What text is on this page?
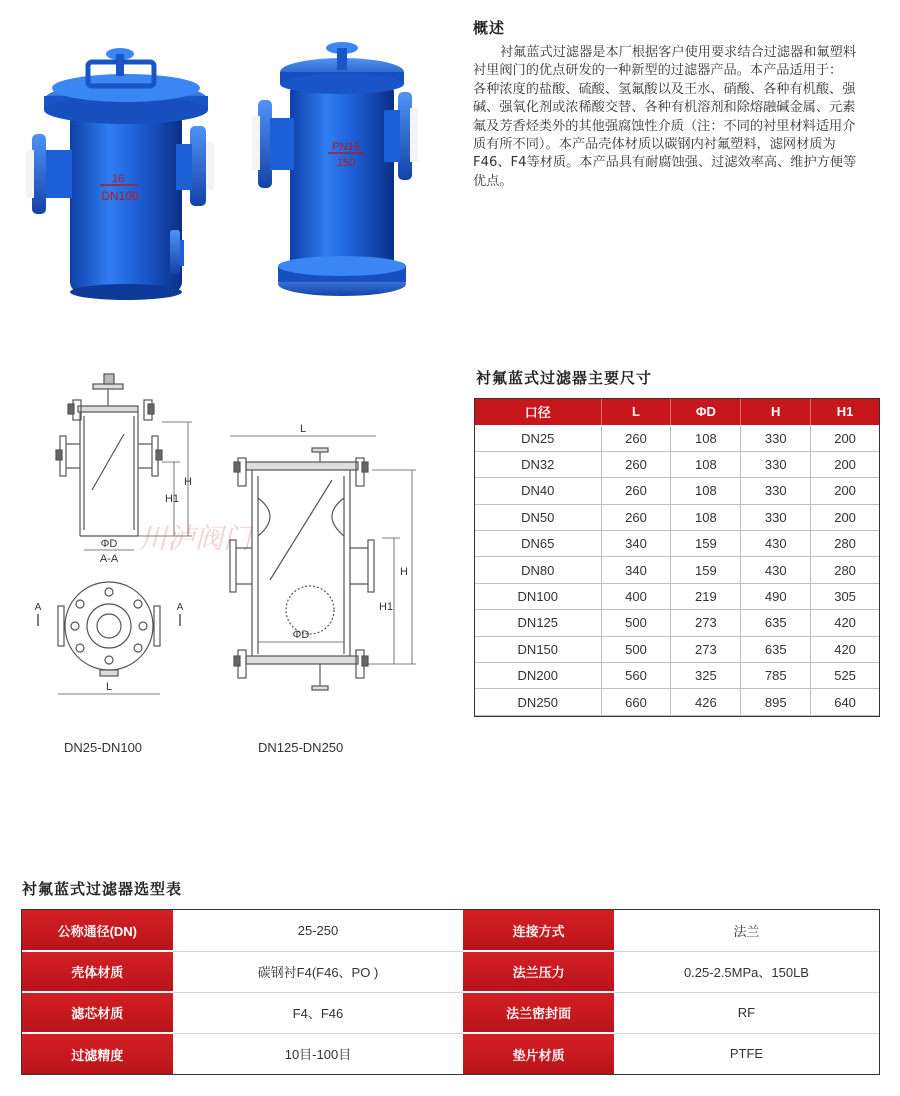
16
DN100
PN16
150
概述
衬氟蓝式过滤器是本厂根据客户使用要求结合过滤器和氟塑料
衬里阀门的优点研发的一种新型的过滤器产品。本产品适用于：
各种浓度的盐酸、硫酸、氢氟酸以及王水、硝酸、各种有机酸、强
碱、强氧化剂或浓稀酸交替、各种有机溶剂和除熔融碱金属、元素
氟及芳香烃类外的其他强腐蚀性介质（注：不同的衬里材料适用介
质有所不同）。本产品壳体材质以碳钢内衬氟塑料，滤网材质为
F46、F4等材质。本产品具有耐腐蚀强、过滤效率高、维护方便等
优点。
川泸阀门
H
H1
ΦD
A-A
A	A
L
L
H
H1
ΦD
DN25-DN100	DN125-DN250
衬氟蓝式过滤器主要尺寸
口径	L	ΦD	H	H1
DN25	260	108	330	200
DN32	260	108	330	200
DN40	260	108	330	200
DN50	260	108	330	200
DN65	340	159	430	280
DN80	340	159	430	280
DN100	400	219	490	305
DN125	500	273	635	420
DN150	500	273	635	420
DN200	560	325	785	525
DN250	660	426	895	640
衬氟蓝式过滤器选型表
公称通径(DN)	25-250	连接方式	法兰
壳体材质	碳钢衬F4(F46、PO )	法兰压力	0.25-2.5MPa、150LB
滤芯材质	F4、F46	法兰密封面	RF
过滤精度	10目-100目	垫片材质	PTFE
